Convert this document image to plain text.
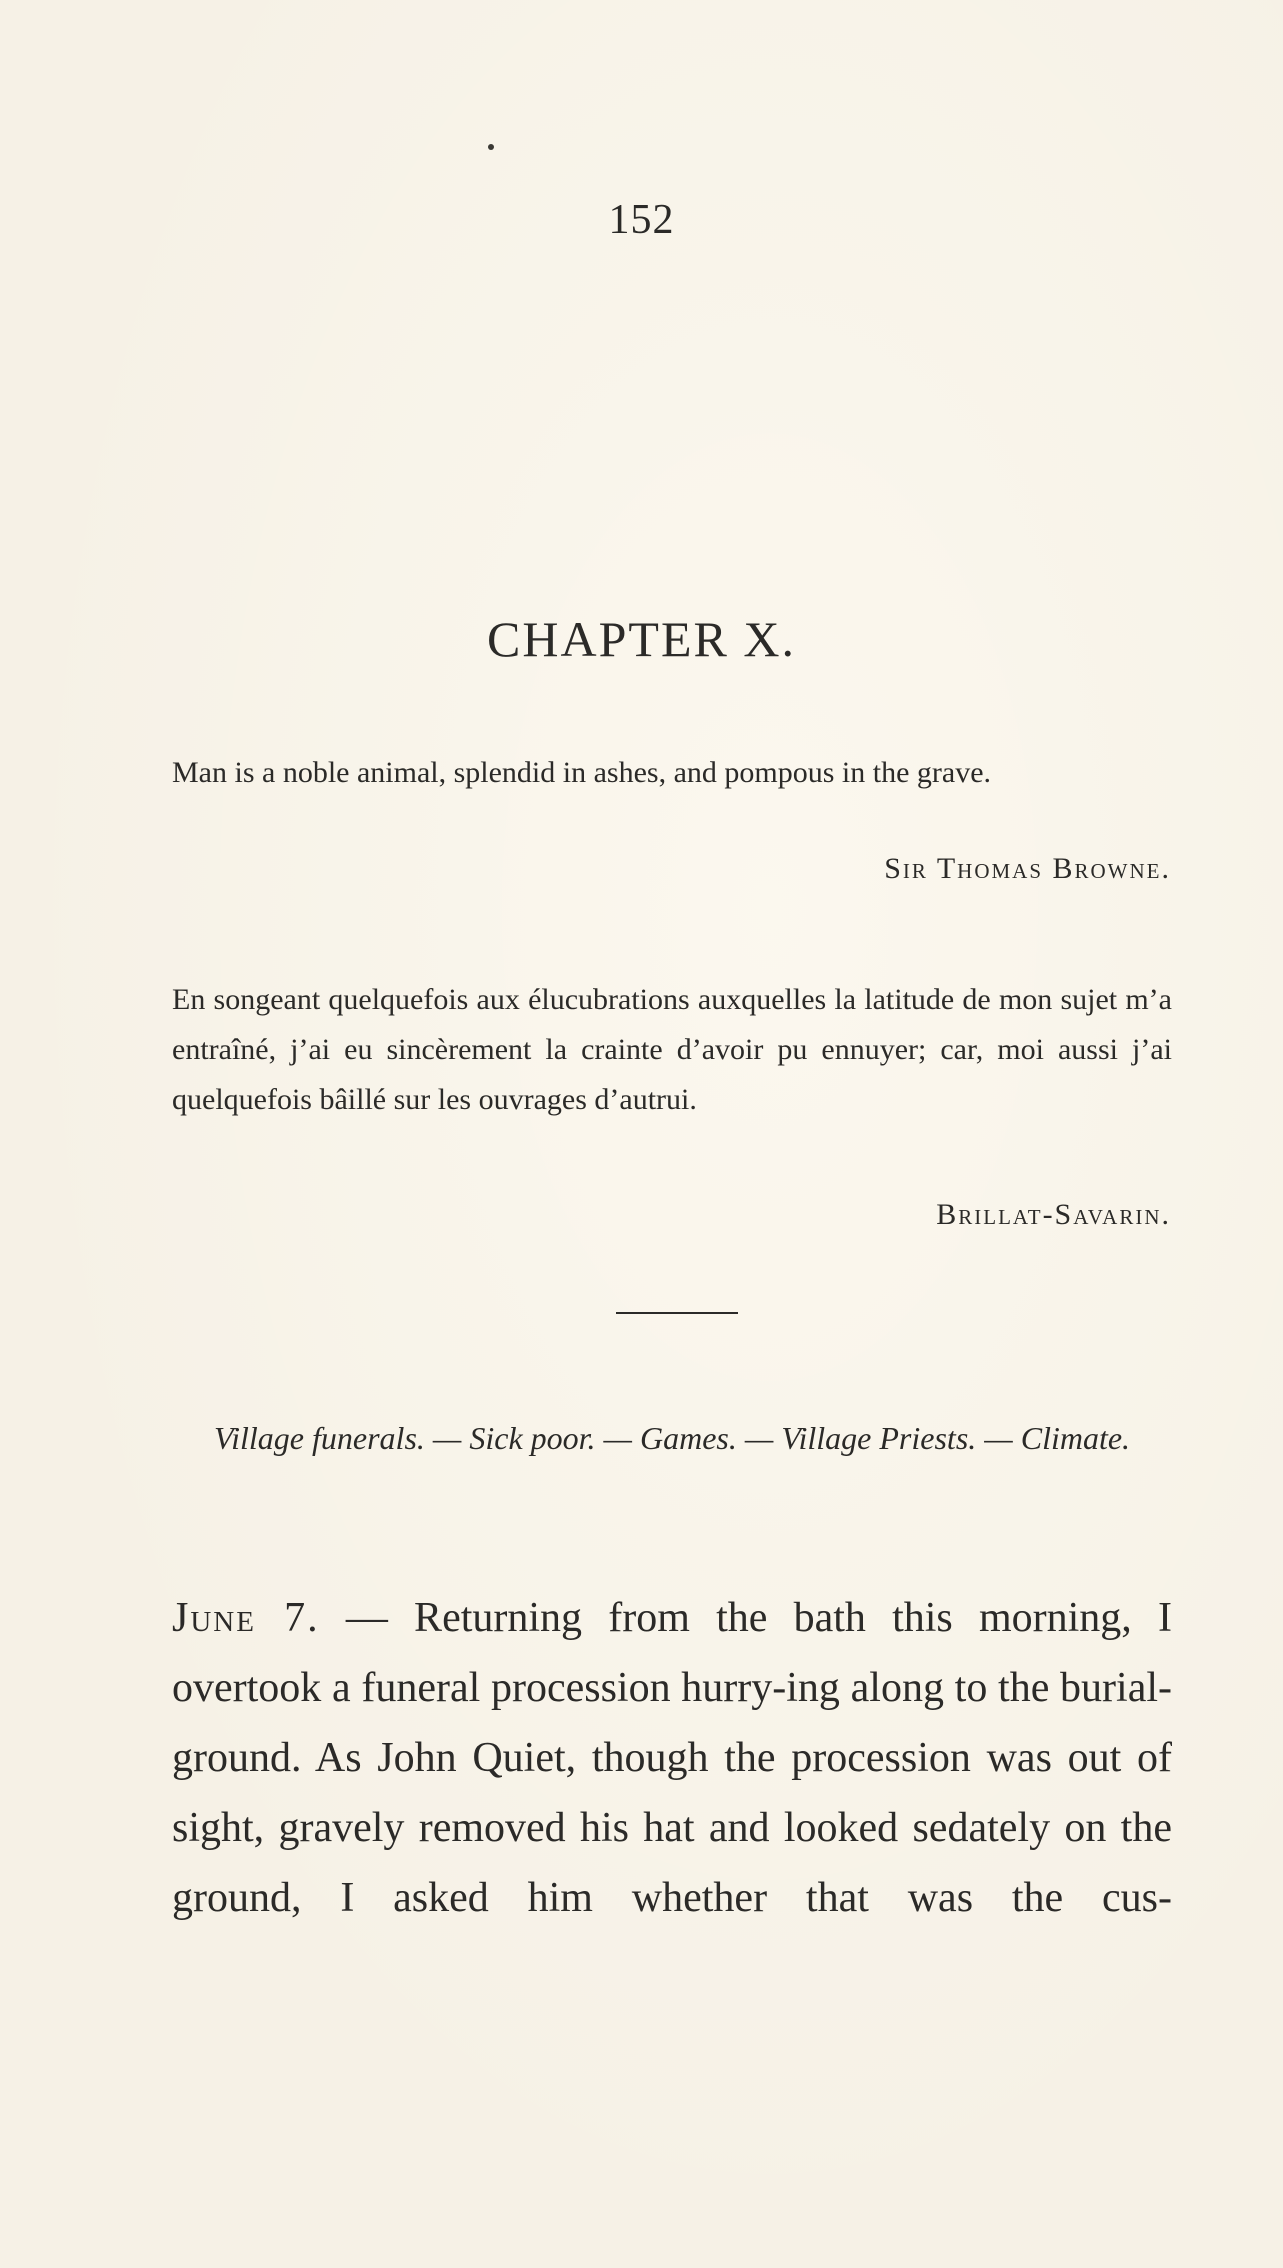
152
CHAPTER X.
Man is a noble animal, splendid in ashes, and pompous in the grave.
Sir Thomas Browne.
En songeant quelquefois aux élucubrations auxquelles la latitude de mon sujet m’a entraîné, j’ai eu sincèrement la crainte d’avoir pu ennuyer; car, moi aussi j’ai quelquefois bâillé sur les ouvrages d’autrui.
Brillat-Savarin.
Village funerals. — Sick poor. — Games. — Village Priests. — Climate.
June 7. — Returning from the bath this morning, I overtook a funeral procession hurry-ing along to the burial-ground. As John Quiet, though the procession was out of sight, gravely removed his hat and looked sedately on the ground, I asked him whether that was the cus-
